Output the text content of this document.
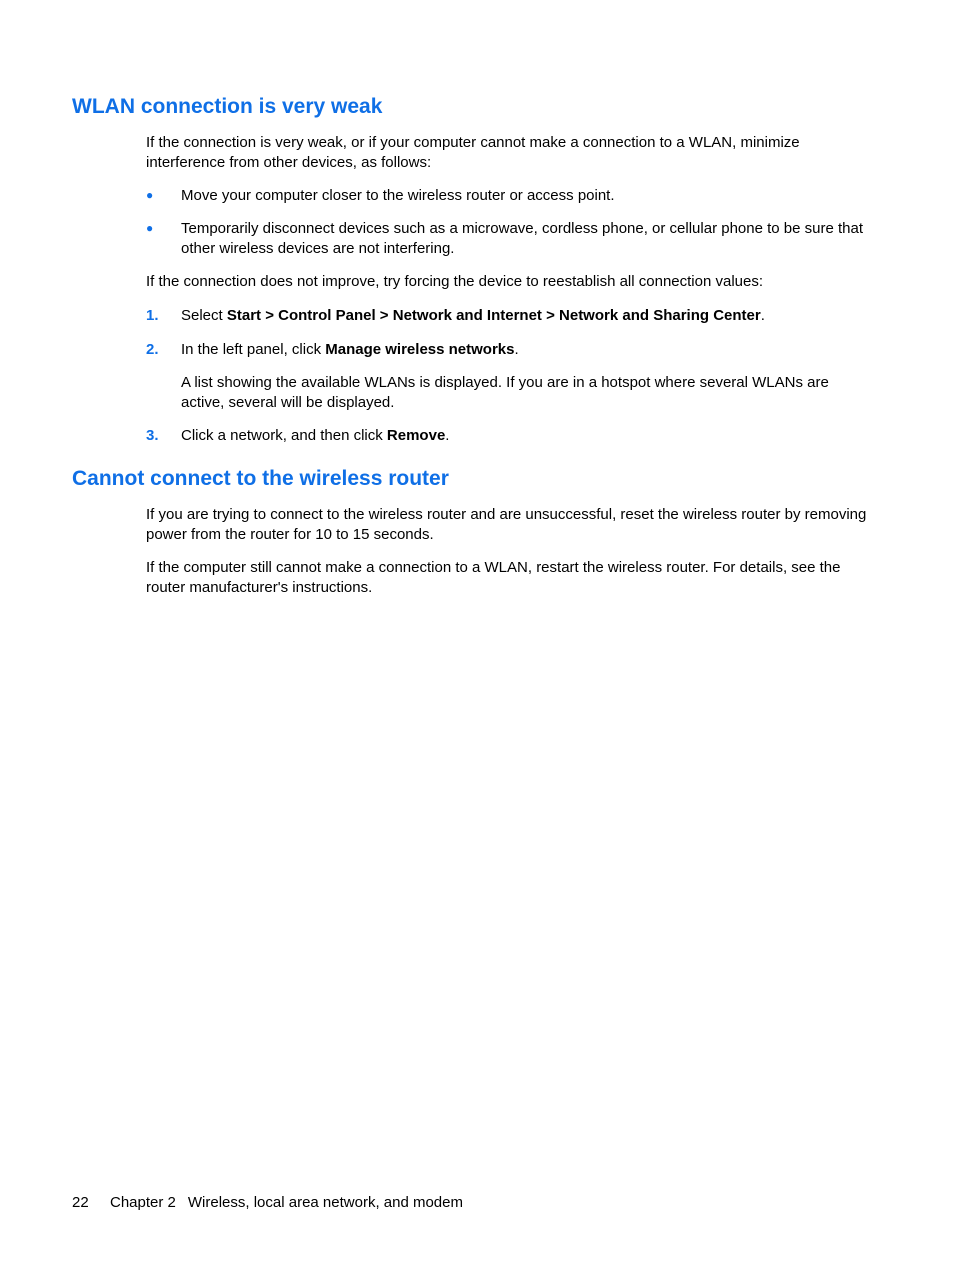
WLAN connection is very weak

If the connection is very weak, or if your computer cannot make a connection to a WLAN, minimize interference from other devices, as follows:

● Move your computer closer to the wireless router or access point.
● Temporarily disconnect devices such as a microwave, cordless phone, or cellular phone to be sure that other wireless devices are not interfering.

If the connection does not improve, try forcing the device to reestablish all connection values:

1. Select Start > Control Panel > Network and Internet > Network and Sharing Center.
2. In the left panel, click Manage wireless networks.

A list showing the available WLANs is displayed. If you are in a hotspot where several WLANs are active, several will be displayed.

3. Click a network, and then click Remove.
Cannot connect to the wireless router

If you are trying to connect to the wireless router and are unsuccessful, reset the wireless router by removing power from the router for 10 to 15 seconds.

If the computer still cannot make a connection to a WLAN, restart the wireless router. For details, see the router manufacturer's instructions.

22 Chapter 2 Wireless, local area network, and modem
